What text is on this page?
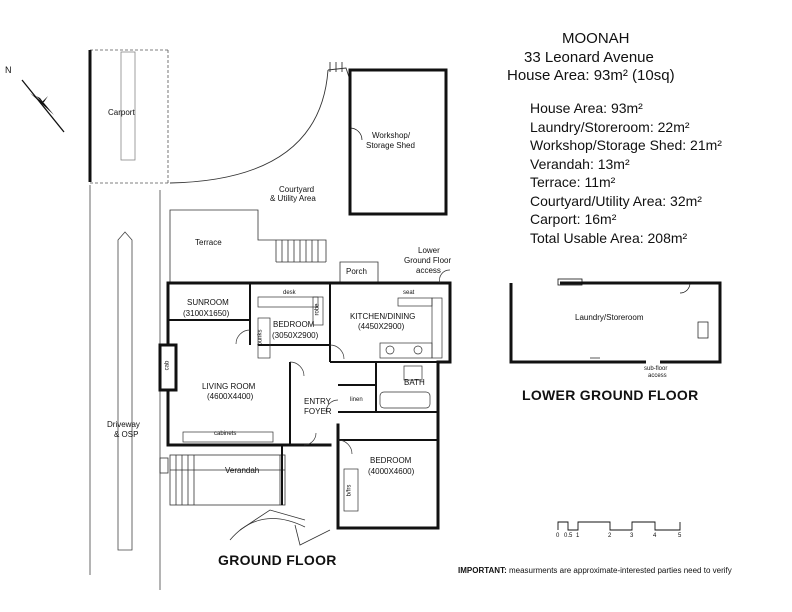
MOONAH
33 Leonard Avenue
House Area: 93m² (10sq)
House Area: 93m²
Laundry/Storeroom: 22m²
Workshop/Storage Shed: 21m²
Verandah: 13m²
Terrace: 11m²
Courtyard/Utility Area: 32m²
Carport: 16m²
Total Usable Area: 208m²
N
Carport
Workshop/
Storage Shed
Courtyard
& Utility Area
Terrace
Porch
Lower
Ground Floor
access
SUNROOM
(3100X1650)
desk
robe
BEDROOM
(3050X2900)
bunks
seat
KITCHEN/DINING
(4450X2900)
cab
LIVING ROOM
(4600X4400)
ENTRY
FOYER
BATH
linen
cabinets
BEDROOM
(4000X4600)
b/frs
Verandah
Driveway
& OSP
Laundry/Storeroom
sub-floor
access
GROUND FLOOR
LOWER GROUND FLOOR
0 0.5 1	2	3	4	5
IMPORTANT: measurments are approximate-interested parties need to verify
